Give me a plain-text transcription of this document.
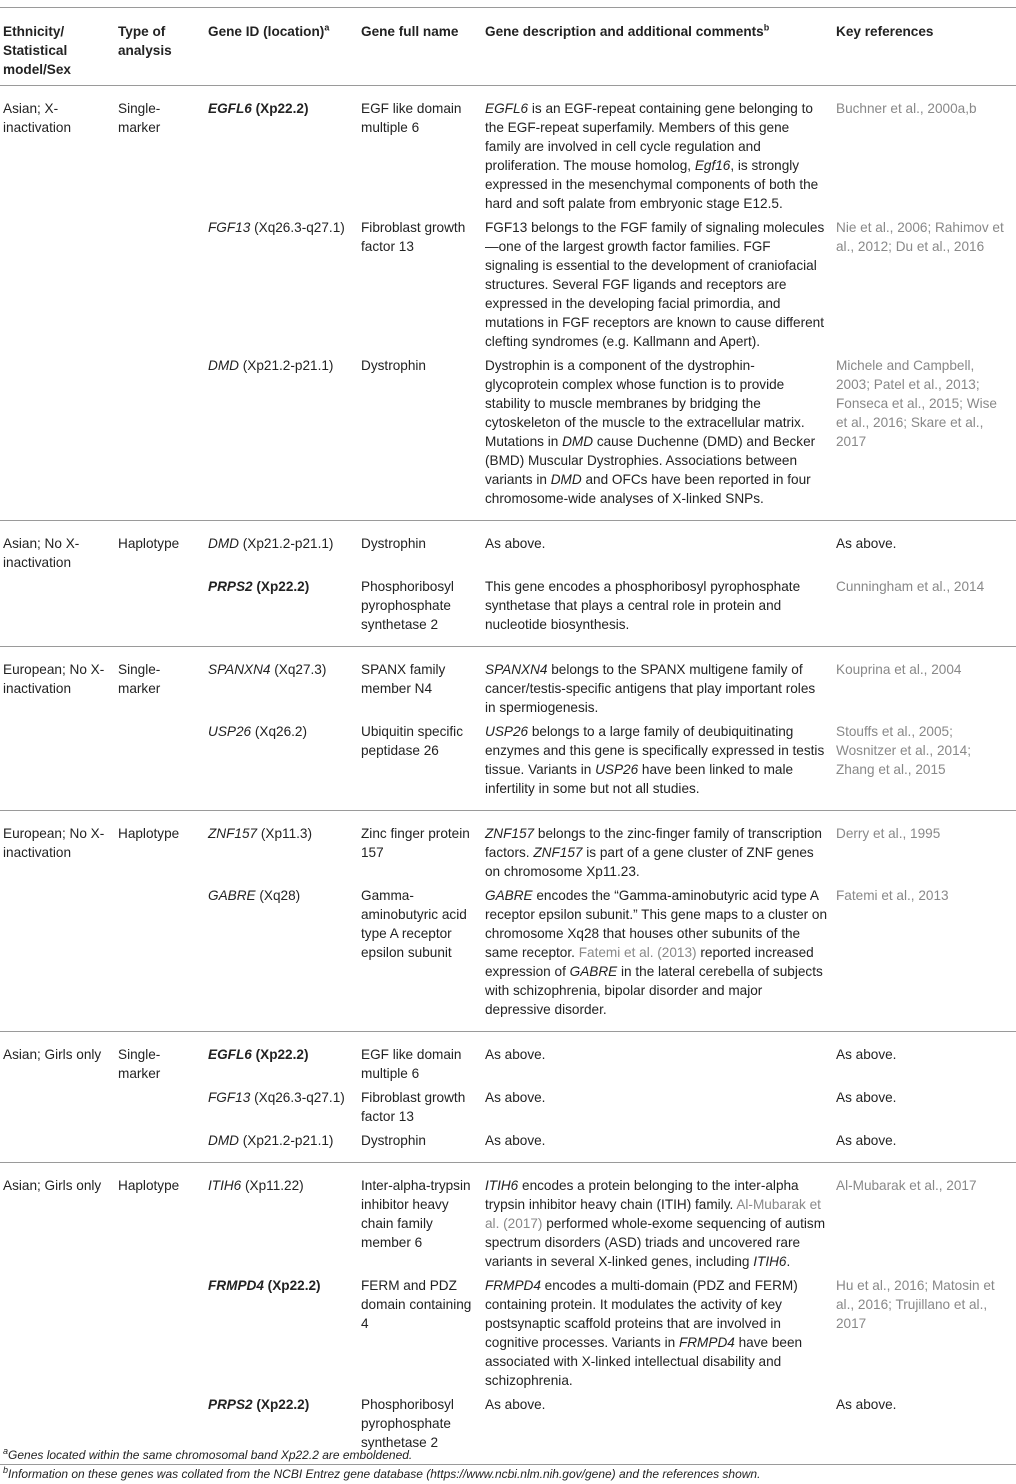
Ethnicity/ Statistical model/Sex	Type of analysis	Gene ID (location)$^a$	Gene full name	Gene description and additional comments$^b$	Key references
Asian; X-inactivation	Single-marker	EGFL6 (Xp22.2)	EGF like domain multiple 6	EGFL6 is an EGF-repeat containing gene belonging to the EGF-repeat superfamily. Members of this gene family are involved in cell cycle regulation and proliferation. The mouse homolog, Egf16, is strongly expressed in the mesenchymal components of both the hard and soft palate from embryonic stage E12.5.	Buchner et al., 2000a,b
		FGF13 (Xq26.3-q27.1)	Fibroblast growth factor 13	FGF13 belongs to the FGF family of signaling molecules—one of the largest growth factor families. FGF signaling is essential to the development of craniofacial structures. Several FGF ligands and receptors are expressed in the developing facial primordia, and mutations in FGF receptors are known to cause different clefting syndromes (e.g. Kallmann and Apert).	Nie et al., 2006; Rahimov et al., 2012; Du et al., 2016
		DMD (Xp21.2-p21.1)	Dystrophin	Dystrophin is a component of the dystrophin-glycoprotein complex whose function is to provide stability to muscle membranes by bridging the cytoskeleton of the muscle to the extracellular matrix. Mutations in DMD cause Duchenne (DMD) and Becker (BMD) Muscular Dystrophies. Associations between variants in DMD and OFCs have been reported in four chromosome-wide analyses of X-linked SNPs.	Michele and Campbell, 2003; Patel et al., 2013; Fonseca et al., 2015; Wise et al., 2016; Skare et al., 2017
Asian; No X-inactivation	Haplotype	DMD (Xp21.2-p21.1)	Dystrophin	As above.	As above.
		PRPS2 (Xp22.2)	Phosphoribosyl pyrophosphate synthetase 2	This gene encodes a phosphoribosyl pyrophosphate synthetase that plays a central role in protein and nucleotide biosynthesis.	Cunningham et al., 2014
European; No X-inactivation	Single-marker	SPANXN4 (Xq27.3)	SPANX family member N4	SPANXN4 belongs to the SPANX multigene family of cancer/testis-specific antigens that play important roles in spermiogenesis.	Kouprina et al., 2004
		USP26 (Xq26.2)	Ubiquitin specific peptidase 26	USP26 belongs to a large family of deubiquitinating enzymes and this gene is specifically expressed in testis tissue. Variants in USP26 have been linked to male infertility in some but not all studies.	Stouffs et al., 2005; Wosnitzer et al., 2014; Zhang et al., 2015
European; No X-inactivation	Haplotype	ZNF157 (Xp11.3)	Zinc finger protein 157	ZNF157 belongs to the zinc-finger family of transcription factors. ZNF157 is part of a gene cluster of ZNF genes on chromosome Xp11.23.	Derry et al., 1995
		GABRE (Xq28)	Gamma-aminobutyric acid type A receptor epsilon subunit	GABRE encodes the “Gamma-aminobutyric acid type A receptor epsilon subunit.” This gene maps to a cluster on chromosome Xq28 that houses other subunits of the same receptor. Fatemi et al. (2013) reported increased expression of GABRE in the lateral cerebella of subjects with schizophrenia, bipolar disorder and major depressive disorder.	Fatemi et al., 2013
Asian; Girls only	Single-marker	EGFL6 (Xp22.2)	EGF like domain multiple 6	As above.	As above.
		FGF13 (Xq26.3-q27.1)	Fibroblast growth factor 13	As above.	As above.
		DMD (Xp21.2-p21.1)	Dystrophin	As above.	As above.
Asian; Girls only	Haplotype	ITIH6 (Xp11.22)	Inter-alpha-trypsin inhibitor heavy chain family member 6	ITIH6 encodes a protein belonging to the inter-alpha trypsin inhibitor heavy chain (ITIH) family. Al-Mubarak et al. (2017) performed whole-exome sequencing of autism spectrum disorders (ASD) triads and uncovered rare variants in several X-linked genes, including ITIH6.	Al-Mubarak et al., 2017
		FRMPD4 (Xp22.2)	FERM and PDZ domain containing 4	FRMPD4 encodes a multi-domain (PDZ and FERM) containing protein. It modulates the activity of key postsynaptic scaffold proteins that are involved in cognitive processes. Variants in FRMPD4 have been associated with X-linked intellectual disability and schizophrenia.	Hu et al., 2016; Matosin et al., 2016; Trujillano et al., 2017
		PRPS2 (Xp22.2)	Phosphoribosyl pyrophosphate synthetase 2	As above.	As above.
$^a$Genes located within the same chromosomal band Xp22.2 are emboldened.
$^b$Information on these genes was collated from the NCBI Entrez gene database (https://www.ncbi.nlm.nih.gov/gene) and the references shown.
